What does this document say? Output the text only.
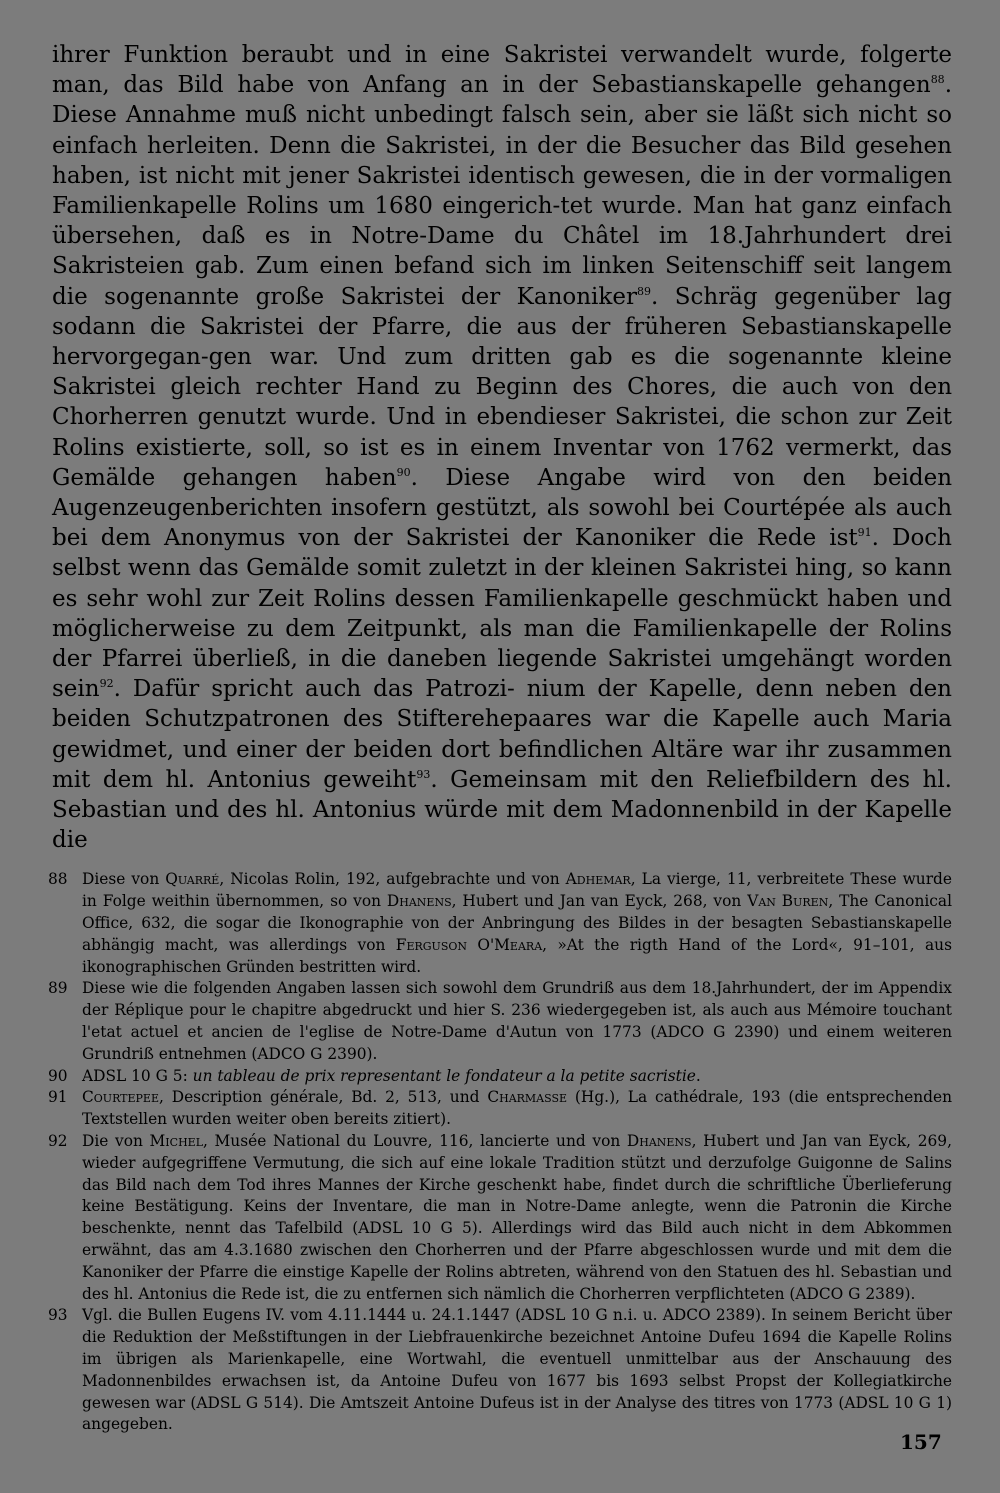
ihrer Funktion beraubt und in eine Sakristei verwandelt wurde, folgerte man, das Bild habe von Anfang an in der Sebastianskapelle gehangen$^{88}$. Diese Annahme muß nicht unbedingt falsch sein, aber sie läßt sich nicht so einfach herleiten. Denn die Sakristei, in der die Besucher das Bild gesehen haben, ist nicht mit jener Sakristei identisch gewesen, die in der vormaligen Familienkapelle Rolins um 1680 eingerich-tet wurde. Man hat ganz einfach übersehen, daß es in Notre-Dame du Châtel im 18.Jahrhundert drei Sakristeien gab. Zum einen befand sich im linken Seitenschiff seit langem die sogenannte große Sakristei der Kanoniker$^{89}$. Schräg gegenüber lag sodann die Sakristei der Pfarre, die aus der früheren Sebastianskapelle hervorgegan-gen war. Und zum dritten gab es die sogenannte kleine Sakristei gleich rechter Hand zu Beginn des Chores, die auch von den Chorherren genutzt wurde. Und in ebendieser Sakristei, die schon zur Zeit Rolins existierte, soll, so ist es in einem Inventar von 1762 vermerkt, das Gemälde gehangen haben$^{90}$. Diese Angabe wird von den beiden Augenzeugenberichten insofern gestützt, als sowohl bei Courtépée als auch bei dem Anonymus von der Sakristei der Kanoniker die Rede ist$^{91}$. Doch selbst wenn das Gemälde somit zuletzt in der kleinen Sakristei hing, so kann es sehr wohl zur Zeit Rolins dessen Familienkapelle geschmückt haben und möglicherweise zu dem Zeitpunkt, als man die Familienkapelle der Rolins der Pfarrei überließ, in die daneben liegende Sakristei umgehängt worden sein$^{92}$. Dafür spricht auch das Patrozi- nium der Kapelle, denn neben den beiden Schutzpatronen des Stifterehepaares war die Kapelle auch Maria gewidmet, und einer der beiden dort befindlichen Altäre war ihr zusammen mit dem hl. Antonius geweiht$^{93}$. Gemeinsam mit den Reliefbildern des hl. Sebastian und des hl. Antonius würde mit dem Madonnenbild in der Kapelle die

88 Diese von Quarré, Nicolas Rolin, 192, aufgebrachte und von Adhemar, La vierge, 11, verbreitete These wurde in Folge weithin übernommen, so von Dhanens, Hubert und Jan van Eyck, 268, von Van Buren, The Canonical Office, 632, die sogar die Ikonographie von der Anbringung des Bildes in der besagten Sebastianskapelle abhängig macht, was allerdings von Ferguson O'Meara, »At the rigth Hand of the Lord«, 91–101, aus ikonographischen Gründen bestritten wird.
89 Diese wie die folgenden Angaben lassen sich sowohl dem Grundriß aus dem 18.Jahrhundert, der im Appendix der Réplique pour le chapitre abgedruckt und hier S. 236 wiedergegeben ist, als auch aus Mémoire touchant l'etat actuel et ancien de l'eglise de Notre-Dame d'Autun von 1773 (ADCO G 2390) und einem weiteren Grundriß entnehmen (ADCO G 2390).
90 ADSL 10 G 5: un tableau de prix representant le fondateur a la petite sacristie.
91 Courtepee, Description générale, Bd. 2, 513, und Charmasse (Hg.), La cathédrale, 193 (die entsprechenden Textstellen wurden weiter oben bereits zitiert).
92 Die von Michel, Musée National du Louvre, 116, lancierte und von Dhanens, Hubert und Jan van Eyck, 269, wieder aufgegriffene Vermutung, die sich auf eine lokale Tradition stützt und derzufolge Guigonne de Salins das Bild nach dem Tod ihres Mannes der Kirche geschenkt habe, findet durch die schriftliche Überlieferung keine Bestätigung. Keins der Inventare, die man in Notre-Dame anlegte, wenn die Patronin die Kirche beschenkte, nennt das Tafelbild (ADSL 10 G 5). Allerdings wird das Bild auch nicht in dem Abkommen erwähnt, das am 4.3.1680 zwischen den Chorherren und der Pfarre abgeschlossen wurde und mit dem die Kanoniker der Pfarre die einstige Kapelle der Rolins abtreten, während von den Statuen des hl. Sebastian und des hl. Antonius die Rede ist, die zu entfernen sich nämlich die Chorherren verpflichteten (ADCO G 2389).
93 Vgl. die Bullen Eugens IV. vom 4.11.1444 u. 24.1.1447 (ADSL 10 G n.i. u. ADCO 2389). In seinem Bericht über die Reduktion der Meßstiftungen in der Liebfrauenkirche bezeichnet Antoine Dufeu 1694 die Kapelle Rolins im übrigen als Marienkapelle, eine Wortwahl, die eventuell unmittelbar aus der Anschauung des Madonnenbildes erwachsen ist, da Antoine Dufeu von 1677 bis 1693 selbst Propst der Kollegiatkirche gewesen war (ADSL G 514). Die Amtszeit Antoine Dufeus ist in der Analyse des titres von 1773 (ADSL 10 G 1) angegeben.
157
